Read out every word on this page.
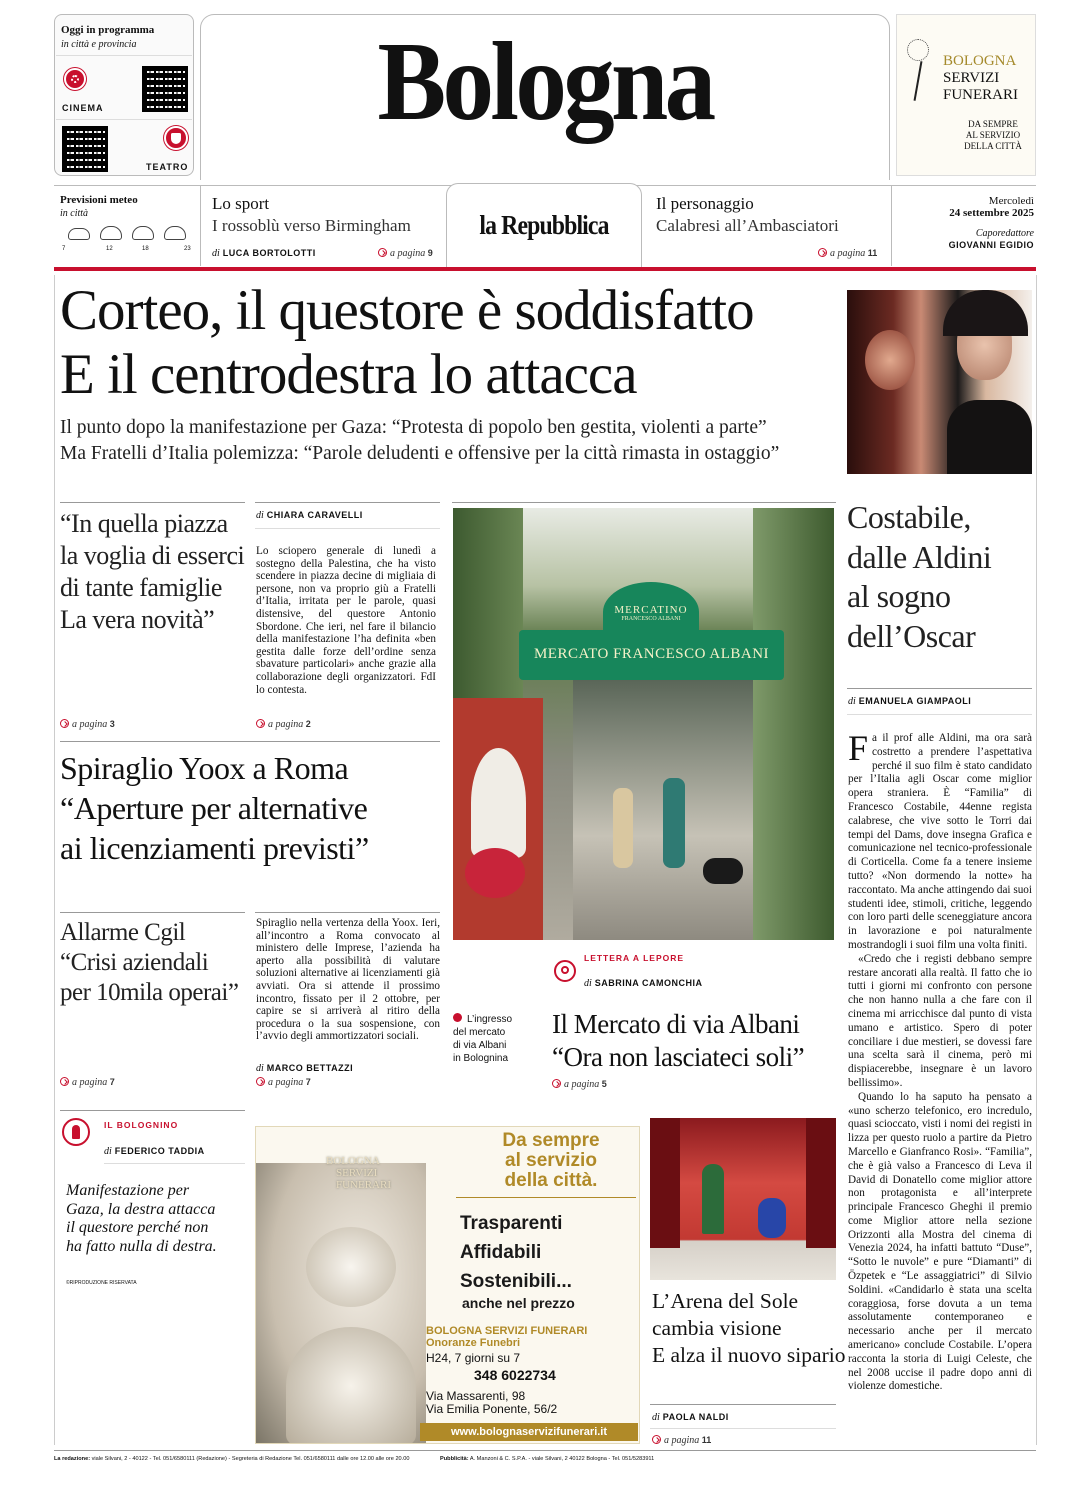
Oggi in programma
in città e provincia
CINEMA
TEATRO
Bologna	BOLOGNA
SERVIZI
FUNERARI
DA SEMPRE
AL SERVIZIO
DELLA CITTÀ
Previsioni meteo
in città
7	12	18	23
Lo sport
I rossoblù verso Birmingham
di LUCA BORTOLOTTI	a pagina 9
la Repubblica
Il personaggio
Calabresi all’Ambasciatori
a pagina 11
Mercoledì
24 settembre 2025
Caporedattore
GIOVANNI EGIDIO
Corteo, il questore è soddisfatto
E il centrodestra lo attacca
Il punto dopo la manifestazione per Gaza: “Protesta di popolo ben gestita, violenti a parte”
Ma Fratelli d’Italia polemizza: “Parole deludenti e offensive per la città rimasta in ostaggio”
“In quella piazza
la voglia di esserci
di tante famiglie
La vera novità”
a pagina 3
di CHIARA CARAVELLI
Lo sciopero generale di lunedì a sostegno della Palestina, che ha visto scendere in piazza decine di migliaia di persone, non va proprio giù a Fratelli d’Italia, irritata per le parole, quasi distensive, del questore Antonio Sbordone. Che ieri, nel fare il bilancio della manifestazione l’ha definita «ben gestita dalle forze dell’ordine senza sbavature particolari» anche grazie alla collaborazione degli organizzatori. FdI lo contesta.
a pagina 2
Spiraglio Yoox a Roma
“Aperture per alternative
ai licenziamenti previsti”
Allarme Cgil
“Crisi aziendali
per 10mila operai”
a pagina 7
Spiraglio nella vertenza della Yoox. Ieri, all’incontro a Roma convocato al ministero delle Imprese, l’azienda ha aperto alla possibilità di valutare soluzioni alternative ai licenziamenti già avviati. Ora si attende il prossimo incontro, fissato per il 2 ottobre, per capire se si arriverà al ritiro della procedura o la sua sospensione, con l’avvio degli ammortizzatori sociali.
di MARCO BETTAZZI
a pagina 7
MERCATINO
FRANCESCO ALBANI
MERCATO FRANCESCO ALBANI
L’ingresso
del mercato
di via Albani
in Bolognina
LETTERA A LEPORE
di SABRINA CAMONCHIA
Il Mercato di via Albani
“Ora non lasciateci soli”
a pagina 5
Costabile,
dalle Aldini
al sogno
dell’Oscar
di EMANUELA GIAMPAOLI

Fa il prof alle Aldini, ma ora sarà costretto a prendere l’aspettativa perché il suo film è stato candidato per l’Italia agli Oscar come miglior opera straniera. È “Familia” di Francesco Costabile, 44enne regista calabrese, che vive sotto le Torri dai tempi del Dams, dove insegna Grafica e comunicazione nel tecnico-professionale di Corticella. Come fa a tenere insieme tutto? «Non dormendo la notte» ha raccontato. Ma anche attingendo dai suoi studenti idee, stimoli, critiche, leggendo con loro parti delle sceneggiature ancora in lavorazione e poi naturalmente mostrandogli i suoi film una volta finiti.

«Credo che i registi debbano sempre restare ancorati alla realtà. Il fatto che io tutti i giorni mi confronto con persone che non hanno nulla a che fare con il cinema mi arricchisce dal punto di vista umano e artistico. Spero di poter conciliare i due mestieri, se dovessi fare una scelta sarà il cinema, però mi dispiacerebbe, insegnare è un lavoro bellissimo».

Quando lo ha saputo ha pensato a «uno scherzo telefonico, ero incredulo, quasi scioccato, visti i nomi dei registi in lizza per questo ruolo a partire da Pietro Marcello e Gianfranco Rosi». “Familia”, che è già valso a Francesco di Leva il David di Donatello come miglior attore non protagonista e all’interprete principale Francesco Gheghi il premio come Miglior attore nella sezione Orizzonti alla Mostra del cinema di Venezia 2024, ha infatti battuto “Duse”, “Sotto le nuvole” e pure “Diamanti” di Özpetek e “Le assaggiatrici” di Silvio Soldini. «Candidarlo è stata una scelta coraggiosa, forse dovuta a un tema assolutamente contemporaneo e necessario anche per il mercato americano» conclude Costabile. L’opera racconta la storia di Luigi Celeste, che nel 2008 uccise il padre dopo anni di violenze domestiche.

IL BOLOGNINO
di FEDERICO TADDIA
Manifestazione per Gaza, la destra attacca il questore perché non ha fatto nulla di destra.
©RIPRODUZIONE RISERVATA
BOLOGNA
SERVIZI
FUNERARI
Da sempre
al servizio
della città.
Trasparenti
Affidabili
Sostenibili...
anche nel prezzo
BOLOGNA SERVIZI FUNERARI
Onoranze Funebri
H24, 7 giorni su 7
348 6022734
Via Massarenti, 98
Via Emilia Ponente, 56/2
www.bolognaservizifunerari.it
L’Arena del Sole
cambia visione
E alza il nuovo sipario
di PAOLA NALDI
a pagina 11
La redazione: viale Silvani, 2 - 40122 - Tel. 051/6580111 (Redazione) - Segreteria di Redazione Tel. 051/6580111 dalle ore 12.00 alle ore 20.00	Pubblicità: A. Manzoni & C. S.P.A. - viale Silvani, 2 40122 Bologna - Tel. 051/5283911
